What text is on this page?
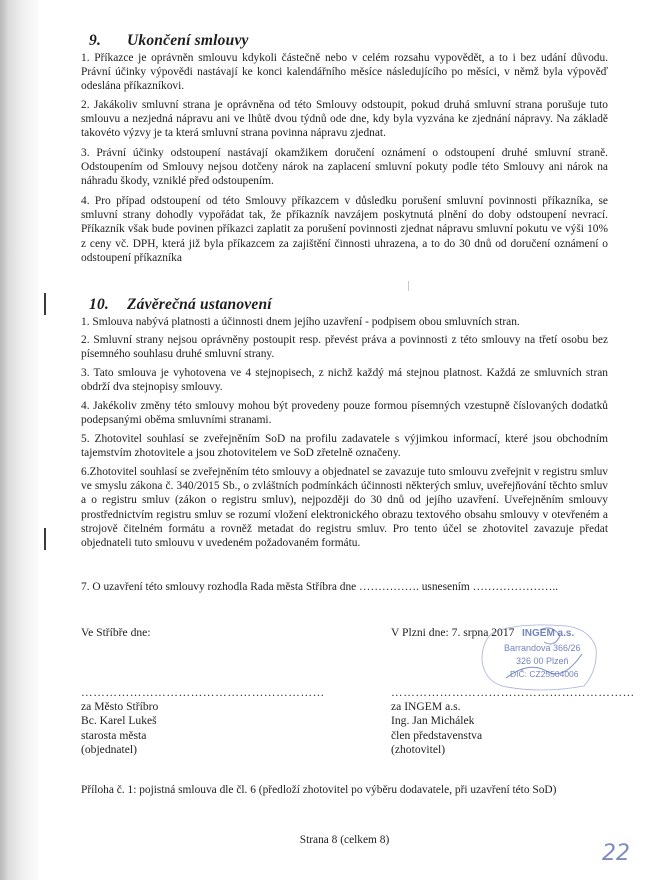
9. Ukončení smlouvy
1. Příkazce je oprávněn smlouvu kdykoli částečně nebo v celém rozsahu vypovědět, a to i bez udání důvodu. Právní účinky výpovědi nastávají ke konci kalendářního měsíce následujícího po měsíci, v němž byla výpověď odeslána příkazníkovi.
2. Jakákoliv smluvní strana je oprávněna od této Smlouvy odstoupit, pokud druhá smluvní strana porušuje tuto smlouvu a nezjedná nápravu ani ve lhůtě dvou týdnů ode dne, kdy byla vyzvána ke zjednání nápravy. Na základě takovéto výzvy je ta která smluvní strana povinna nápravu zjednat.
3. Právní účinky odstoupení nastávají okamžikem doručení oznámení o odstoupení druhé smluvní straně. Odstoupením od Smlouvy nejsou dotčeny nárok na zaplacení smluvní pokuty podle této Smlouvy ani nárok na náhradu škody, vzniklé před odstoupením.
4. Pro případ odstoupení od této Smlouvy příkazcem v důsledku porušení smluvní povinnosti příkazníka, se smluvní strany dohodly vypořádat tak, že příkazník navzájem poskytnutá plnění do doby odstoupení nevrací. Příkazník však bude povinen příkazci zaplatit za porušení povinnosti zjednat nápravu smluvní pokutu ve výši 10% z ceny vč. DPH, která již byla příkazcem za zajištění činnosti uhrazena, a to do 30 dnů od doručení oznámení o odstoupení příkazníka
10. Závěrečná ustanovení
1. Smlouva nabývá platnosti a účinnosti dnem jejího uzavření - podpisem obou smluvních stran.
2. Smluvní strany nejsou oprávněny postoupit resp. převést práva a povinnosti z této smlouvy na třetí osobu bez písemného souhlasu druhé smluvní strany.
3. Tato smlouva je vyhotovena ve 4 stejnopisech, z nichž každý má stejnou platnost. Každá ze smluvních stran obdrží dva stejnopisy smlouvy.
4. Jakékoliv změny této smlouvy mohou být provedeny pouze formou písemných vzestupně číslovaných dodatků podepsanými oběma smluvními stranami.
5. Zhotovitel souhlasí se zveřejněním SoD na profilu zadavatele s výjimkou informací, které jsou obchodním tajemstvím zhotovitele a jsou zhotovitelem ve SoD zřetelně označeny.
6.Zhotovitel souhlasí se zveřejněním této smlouvy a objednatel se zavazuje tuto smlouvu zveřejnit v registru smluv ve smyslu zákona č. 340/2015 Sb., o zvláštních podmínkách účinnosti některých smluv, uveřejňování těchto smluv a o registru smluv (zákon o registru smluv), nejpozději do 30 dnů od jejího uzavření. Uveřejněním smlouvy prostřednictvím registru smluv se rozumí vložení elektronického obrazu textového obsahu smlouvy v otevřeném a strojově čitelném formátu a rovněž metadat do registru smluv. Pro tento účel se zhotovitel zavazuje předat objednateli tuto smlouvu v uvedeném požadovaném formátu.
7. O uzavření této smlouvy rozhodla Rada města Stříbra dne ……………. usnesením …………………..
Ve Stříbře dne:	V Plzni dne: 7. srpna 2017
……………………………………………………
za Město Stříbro
Bc. Karel Lukeš
starosta města
(objednatel)
……………………………………………………
za INGEM a.s.
Ing. Jan Michálek
člen představenstva
(zhotovitel)
Příloha č. 1: pojistná smlouva dle čl. 6 (předloží zhotovitel po výběru dodavatele, při uzavření této SoD)
INGEM a.s.
Barrandova 366/26
326 00 Plzeň
DIČ: CZ25504006
Strana 8 (celkem 8)
22
